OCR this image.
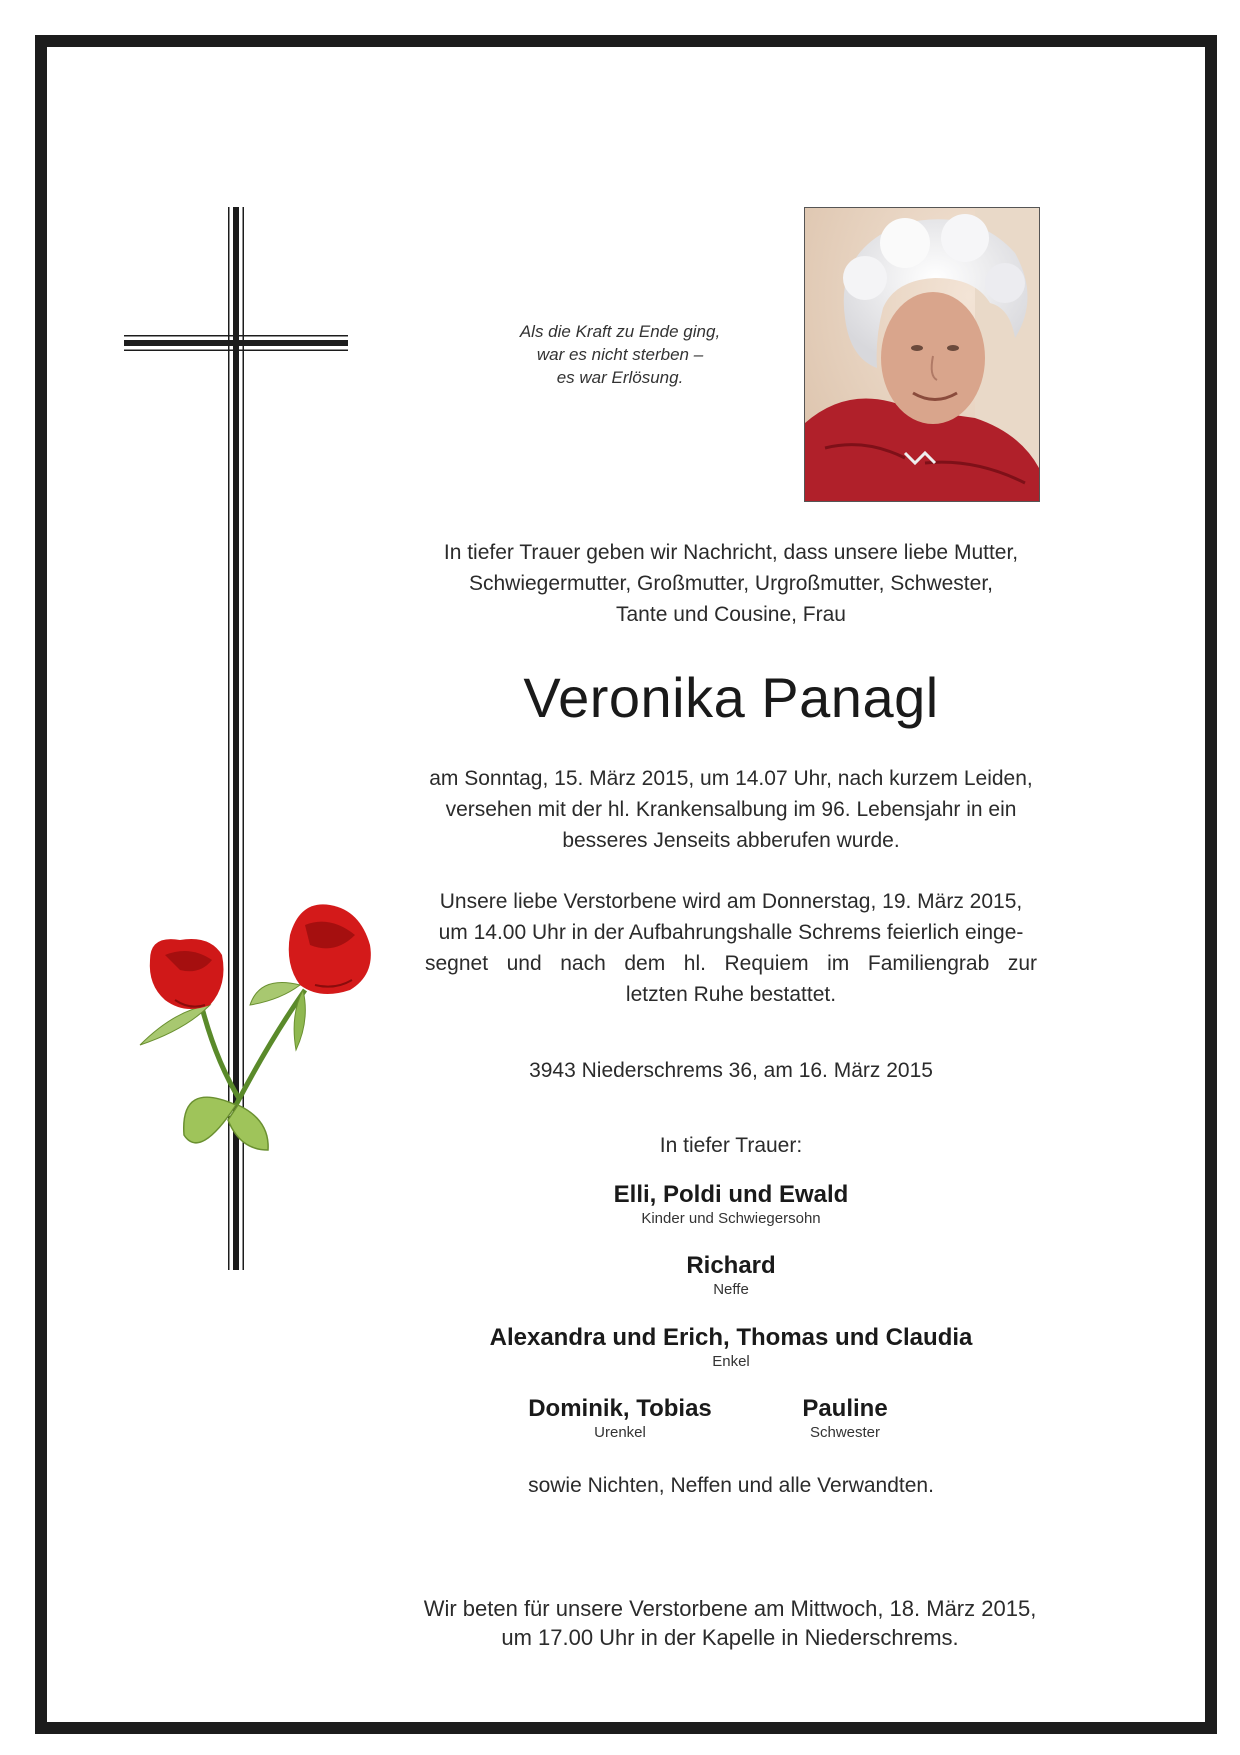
Als die Kraft zu Ende ging,
war es nicht sterben –
es war Erlösung.
In tiefer Trauer geben wir Nachricht, dass unsere liebe Mutter,
Schwiegermutter, Großmutter, Urgroßmutter, Schwester,
Tante und Cousine, Frau
Veronika Panagl
am Sonntag, 15. März 2015, um 14.07 Uhr, nach kurzem Leiden,
versehen mit der hl. Krankensalbung im 96. Lebensjahr in ein
besseres Jenseits abberufen wurde.
Unsere liebe Verstorbene wird am Donnerstag, 19. März 2015,
um 14.00 Uhr in der Aufbahrungshalle Schrems feierlich einge-
segnet und nach dem hl. Requiem im Familiengrab zur
letzten Ruhe bestattet.
3943 Niederschrems 36, am 16. März 2015
In tiefer Trauer:
Elli, Poldi und Ewald
Kinder und Schwiegersohn
Richard
Neffe
Alexandra und Erich, Thomas und Claudia
Enkel
Dominik, Tobias
Urenkel
Pauline
Schwester
sowie Nichten, Neffen und alle Verwandten.
Wir beten für unsere Verstorbene am Mittwoch, 18. März 2015,
um 17.00 Uhr in der Kapelle in Niederschrems.
